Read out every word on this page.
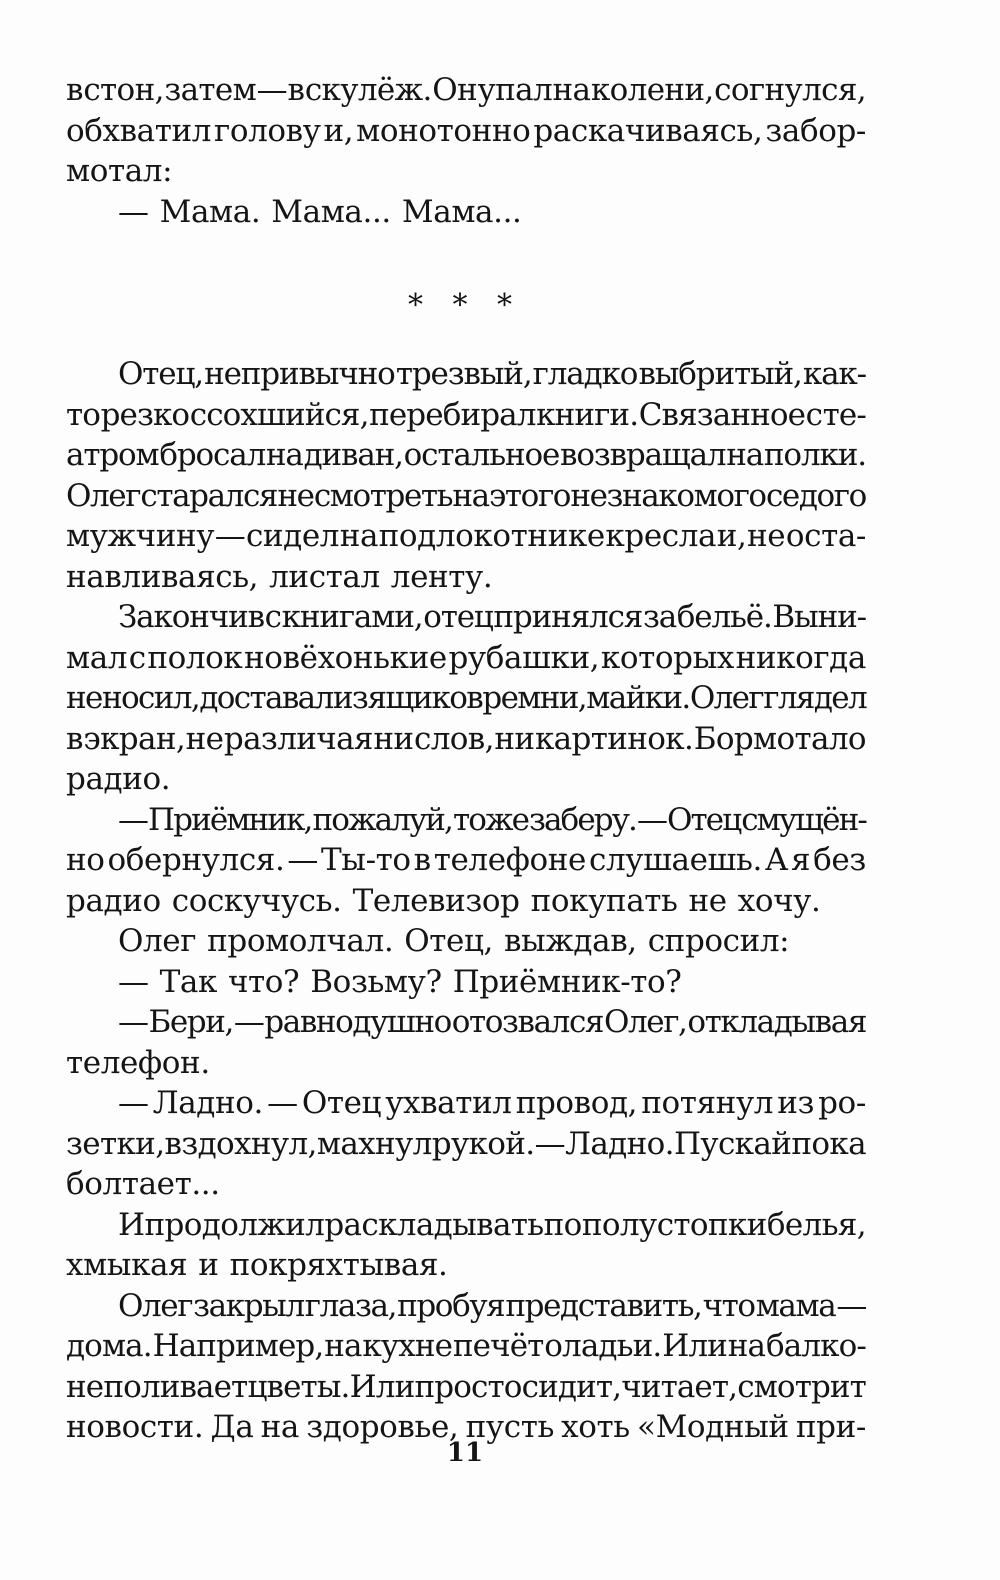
в стон, затем — в скулёж. Он упал на колени, согнулся,
обхватил голову и, монотонно раскачиваясь, забор-
мотал:
— Мама. Мама... Мама...
* * *
Отец, непривычно трезвый, гладко выбритый, как-
то резко ссохшийся, перебирал книги. Связанное с те-
атром бросал на диван, остальное возвращал на полки.
Олег старался не смотреть на этого незнакомого седого
мужчину — сидел на подлокотнике кресла и, не оста-
навливаясь, листал ленту.
Закончив с книгами, отец принялся за бельё. Выни-
мал с полок новёхонькие рубашки, которых никогда
не носил, доставал из ящиков ремни, майки. Олег глядел
в экран, не различая ни слов, ни картинок. Бормотало
радио.
— Приёмник, пожалуй, тоже заберу. — Отец смущён-
но обернулся. — Ты-то в телефоне слушаешь. А я без
радио соскучусь. Телевизор покупать не хочу.
Олег промолчал. Отец, выждав, спросил:
— Так что? Возьму? Приёмник-то?
— Бери, — равнодушно отозвался Олег, откладывая
телефон.
— Ладно. — Отец ухватил провод, потянул из ро-
зетки, вздохнул, махнул рукой. — Ладно. Пускай пока
болтает...
И продолжил раскладывать по полу стопки белья,
хмыкая и покряхтывая.
Олег закрыл глаза, пробуя представить, что мама —
дома. Например, на кухне печёт оладьи. Или на балко-
не поливает цветы. Или просто сидит, читает, смотрит
новости. Да на здоровье, пусть хоть «Модный при-
11
